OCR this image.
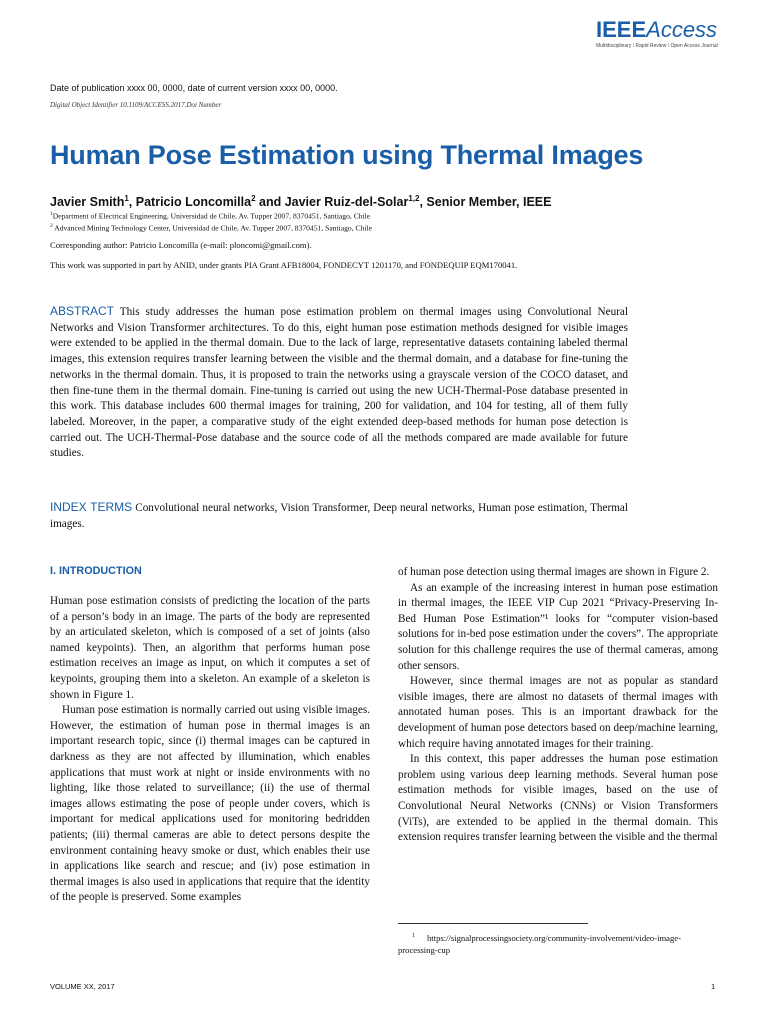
IEEEAccess
Multidisciplinary ⁞ Rapid Review ⁞ Open Access Journal
Date of publication xxxx 00, 0000, date of current version xxxx 00, 0000.
Digital Object Identifier 10.1109/ACCESS.2017.Doi Number
Human Pose Estimation using Thermal Images
Javier Smith$^1$, Patricio Loncomilla$^2$ and Javier Ruiz-del-Solar$^{1,2}$, Senior Member, IEEE
$^1$Department of Electrical Engineering, Universidad de Chile, Av. Tupper 2007, 8370451, Santiago, Chile
$^2$ Advanced Mining Technology Center, Universidad de Chile, Av. Tupper 2007, 8370451, Santiago, Chile
Corresponding author: Patricio Loncomilla (e-mail: ploncomi@gmail.com).
This work was supported in part by ANID, under grants PIA Grant AFB18004, FONDECYT 1201170, and FONDEQUIP EQM170041.
ABSTRACT This study addresses the human pose estimation problem on thermal images using Convolutional Neural Networks and Vision Transformer architectures. To do this, eight human pose estimation methods designed for visible images were extended to be applied in the thermal domain. Due to the lack of large, representative datasets containing labeled thermal images, this extension requires transfer learning between the visible and the thermal domain, and a database for fine-tuning the networks in the thermal domain. Thus, it is proposed to train the networks using a grayscale version of the COCO dataset, and then fine-tune them in the thermal domain. Fine-tuning is carried out using the new UCH-Thermal-Pose database presented in this work. This database includes 600 thermal images for training, 200 for validation, and 104 for testing, all of them fully labeled. Moreover, in the paper, a comparative study of the eight extended deep-based methods for human pose detection is carried out. The UCH-Thermal-Pose database and the source code of all the methods compared are made available for future studies.
INDEX TERMS Convolutional neural networks, Vision Transformer, Deep neural networks, Human pose estimation, Thermal images.
I. INTRODUCTION

Human pose estimation consists of predicting the location of the parts of a person’s body in an image. The parts of the body are represented by an articulated skeleton, which is composed of a set of joints (also named keypoints). Then, an algorithm that performs human pose estimation receives an image as input, on which it computes a set of keypoints, grouping them into a skeleton. An example of a skeleton is shown in Figure 1.

Human pose estimation is normally carried out using visible images. However, the estimation of human pose in thermal images is an important research topic, since (i) thermal images can be captured in darkness as they are not affected by illumination, which enables applications that must work at night or inside environments with no lighting, like those related to surveillance; (ii) the use of thermal images allows estimating the pose of people under covers, which is important for medical applications used for monitoring bedridden patients; (iii) thermal cameras are able to detect persons despite the environment containing heavy smoke or dust, which enables their use in applications like search and rescue; and (iv) pose estimation in thermal images is also used in applications that require that the identity of the people is preserved. Some examples

of human pose detection using thermal images are shown in Figure 2.

As an example of the increasing interest in human pose estimation in thermal images, the IEEE VIP Cup 2021 “Privacy-Preserving In-Bed Human Pose Estimation”¹ looks for “computer vision-based solutions for in-bed pose estimation under the covers”. The appropriate solution for this challenge requires the use of thermal cameras, among other sensors.

However, since thermal images are not as popular as standard visible images, there are almost no datasets of thermal images with annotated human poses. This is an important drawback for the development of human pose detectors based on deep/machine learning, which require having annotated images for their training.

In this context, this paper addresses the human pose estimation problem using various deep learning methods. Several human pose estimation methods for visible images, based on the use of Convolutional Neural Networks (CNNs) or Vision Transformers (ViTs), are extended to be applied in the thermal domain. This extension requires transfer learning between the visible and the thermal

$^1$ https://signalprocessingsociety.org/community-involvement/video-image-processing-cup
VOLUME XX, 2017	1
